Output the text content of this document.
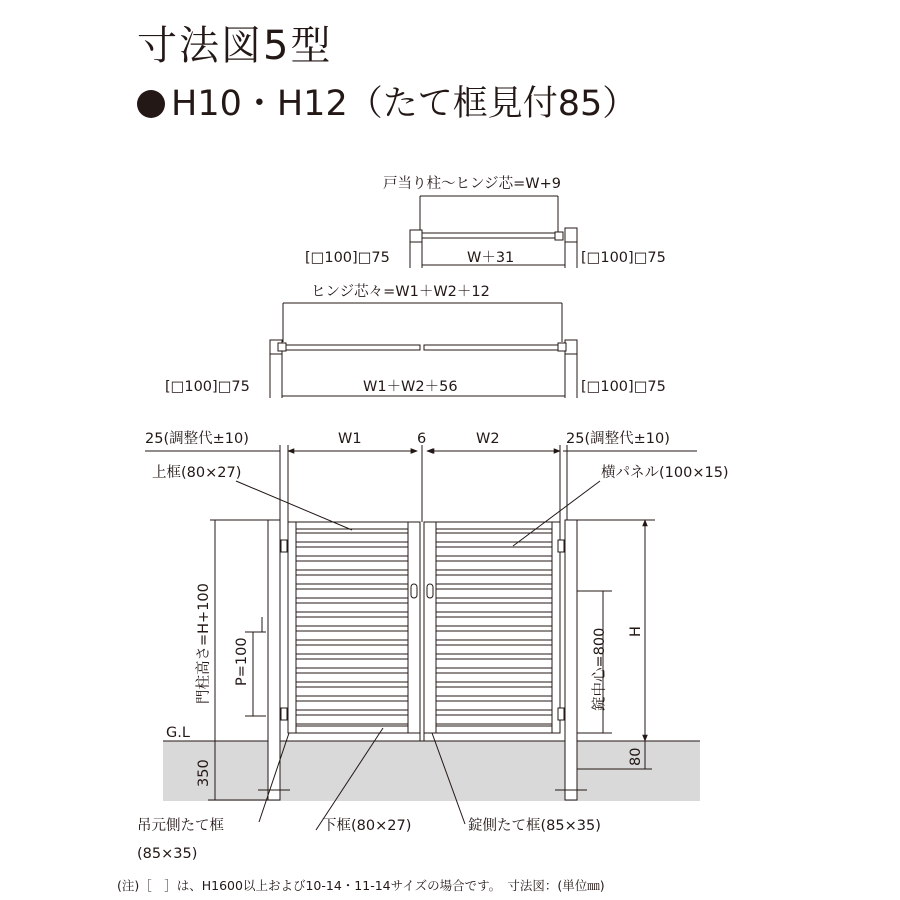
寸法図5型
H10・H12（たて框見付85）
戸当り柱～ヒンジ芯=W+9
W＋31
[□100]□75	[□100]□75
ヒンジ芯々=W1＋W2＋12
W1＋W2＋56
[□100]□75	[□100]□75
25(調整代±10)	25(調整代±10)
W1	6	W2
門柱高さ=H+100
350
P=100
H
錠中心=800
80
G.L
上框(80×27)	横パネル(100×15)
吊元側たて框
(85×35)
下框(80×27)	錠側たて框(85×35)
(注)［　］は、H1600以上および10-14・11-14サイズの場合です。　寸法図：(単位㎜)
